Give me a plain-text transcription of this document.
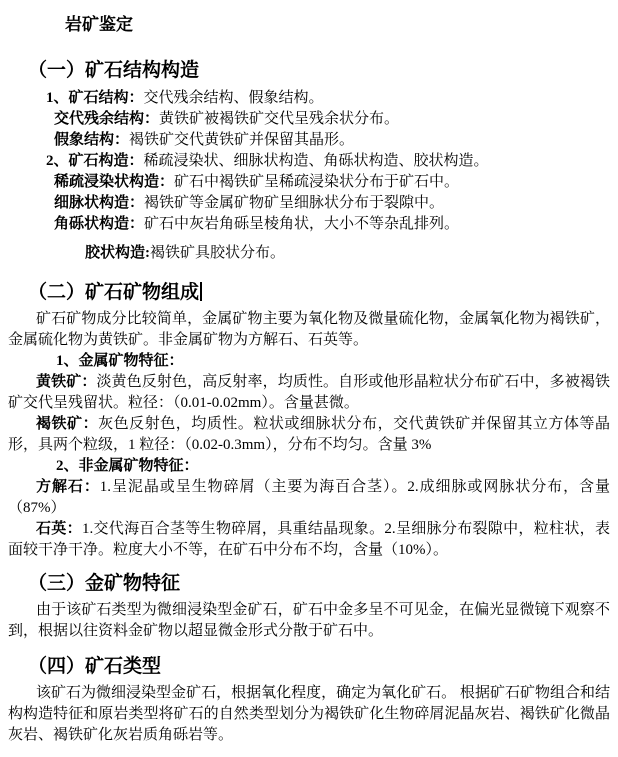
岩矿鉴定
（一）矿石结构构造
1、矿石结构：交代残余结构、假象结构。
交代残余结构：黄铁矿被褐铁矿交代呈残余状分布。
假象结构：褐铁矿交代黄铁矿并保留其晶形。
2、矿石构造：稀疏浸染状、细脉状构造、角砾状构造、胶状构造。
稀疏浸染状构造：矿石中褐铁矿呈稀疏浸染状分布于矿石中。
细脉状构造：褐铁矿等金属矿物矿呈细脉状分布于裂隙中。
角砾状构造：矿石中灰岩角砾呈棱角状，大小不等杂乱排列。
胶状构造:褐铁矿具胶状分布。
（二）矿石矿物组成
矿石矿物成分比较简单，金属矿物主要为氧化物及微量硫化物，金属氧化物为褐铁矿，金属硫化物为黄铁矿。非金属矿物为方解石、石英等。
1、金属矿物特征：
黄铁矿：淡黄色反射色，高反射率，均质性。自形或他形晶粒状分布矿石中，多被褐铁矿交代呈残留状。粒径：（0.01-0.02mm）。含量甚微。
褐铁矿：灰色反射色，均质性。粒状或细脉状分布，交代黄铁矿并保留其立方体等晶形，具两个粒级，1 粒径：（0.02-0.3mm），分布不均匀。含量 3%
2、非金属矿物特征：
方解石：1.呈泥晶或呈生物碎屑（主要为海百合茎）。2.成细脉或网脉状分布，含量（87%）
石英：1.交代海百合茎等生物碎屑，具重结晶现象。2.呈细脉分布裂隙中，粒柱状，表面较干净干净。粒度大小不等，在矿石中分布不均，含量（10%）。
（三）金矿物特征
由于该矿石类型为微细浸染型金矿石，矿石中金多呈不可见金，在偏光显微镜下观察不到，根据以往资料金矿物以超显微金形式分散于矿石中。
（四）矿石类型
该矿石为微细浸染型金矿石，根据氧化程度，确定为氧化矿石。 根据矿石矿物组合和结构构造特征和原岩类型将矿石的自然类型划分为褐铁矿化生物碎屑泥晶灰岩、褐铁矿化微晶灰岩、褐铁矿化灰岩质角砾岩等。
